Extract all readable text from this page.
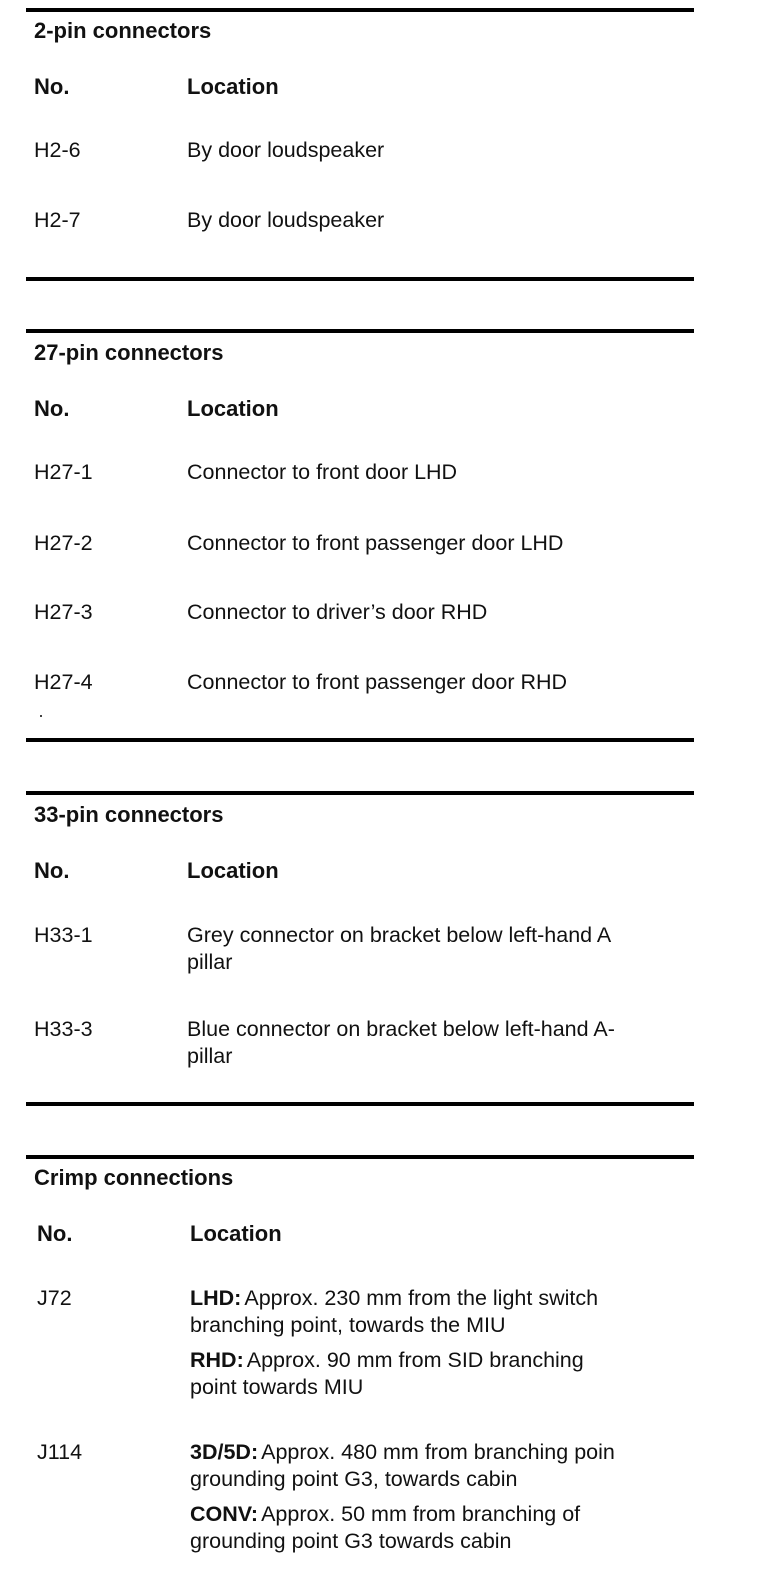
2-pin connectors
No.	Location
H2-6	By door loudspeaker
H2-7	By door loudspeaker
27-pin connectors
No.	Location
H27-1	Connector to front door LHD
H27-2	Connector to front passenger door LHD
H27-3	Connector to driver’s door RHD
H27-4	Connector to front passenger door RHD
33-pin connectors
No.	Location
H33-1	Grey connector on bracket below left-hand A
pillar
H33-3	Blue connector on bracket below left-hand A-
pillar
Crimp connections
No.	Location
J72	LHD: Approx. 230 mm from the light switch
branching point, towards the MIU
RHD: Approx. 90 mm from SID branching
point towards MIU
J114	3D/5D: Approx. 480 mm from branching poin
grounding point G3, towards cabin
CONV: Approx. 50 mm from branching of
grounding point G3 towards cabin
